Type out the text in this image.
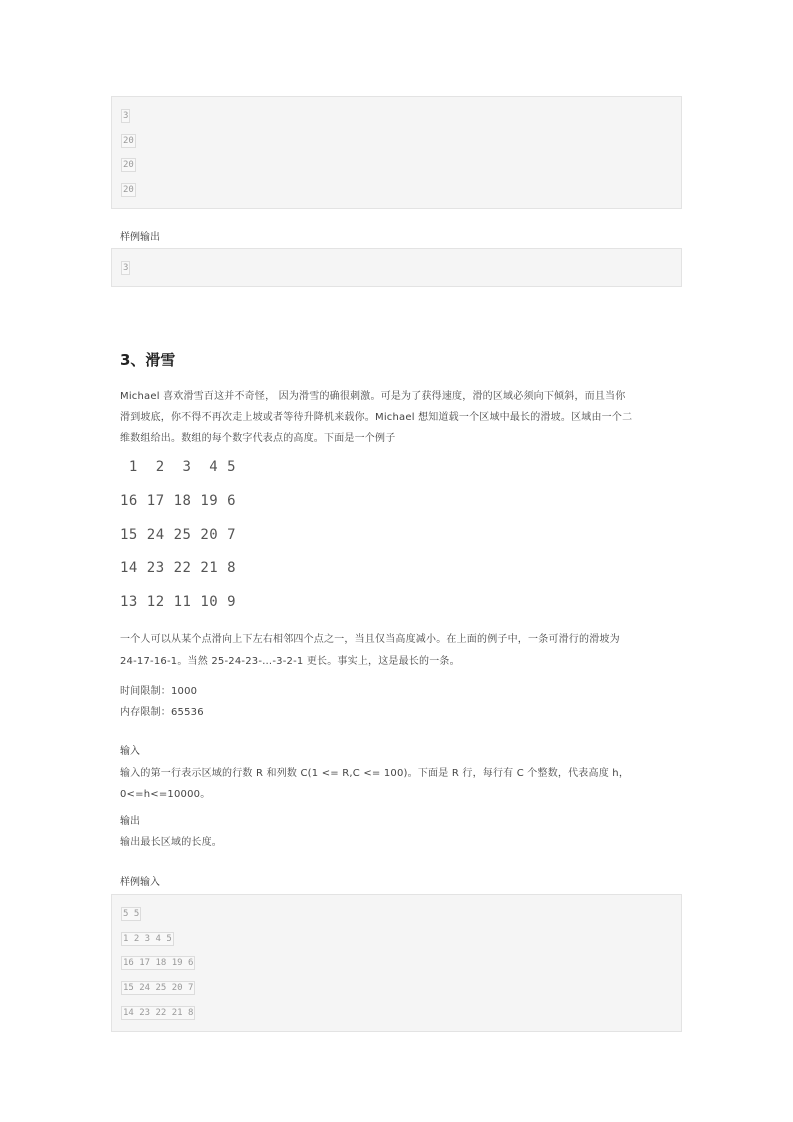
3
20
20
20
样例输出
3
3、滑雪
Michael 喜欢滑雪百这并不奇怪， 因为滑雪的确很刺激。可是为了获得速度，滑的区域必须向下倾斜，而且当你
滑到坡底，你不得不再次走上坡或者等待升降机来载你。Michael 想知道载一个区域中最长的滑坡。区域由一个二
维数组给出。数组的每个数字代表点的高度。下面是一个例子
1  2  3  4 5
16 17 18 19 6
15 24 25 20 7
14 23 22 21 8
13 12 11 10 9
一个人可以从某个点滑向上下左右相邻四个点之一，当且仅当高度减小。在上面的例子中，一条可滑行的滑坡为
24-17-16-1。当然 25-24-23-…-3-2-1 更长。事实上，这是最长的一条。
时间限制：1000
内存限制：65536
输入
输入的第一行表示区域的行数 R 和列数 C(1 <= R,C <= 100)。下面是 R 行，每行有 C 个整数，代表高度 h，
0<=h<=10000。
输出
输出最长区域的长度。
样例输入
5 5
1 2 3 4 5
16 17 18 19 6
15 24 25 20 7
14 23 22 21 8
